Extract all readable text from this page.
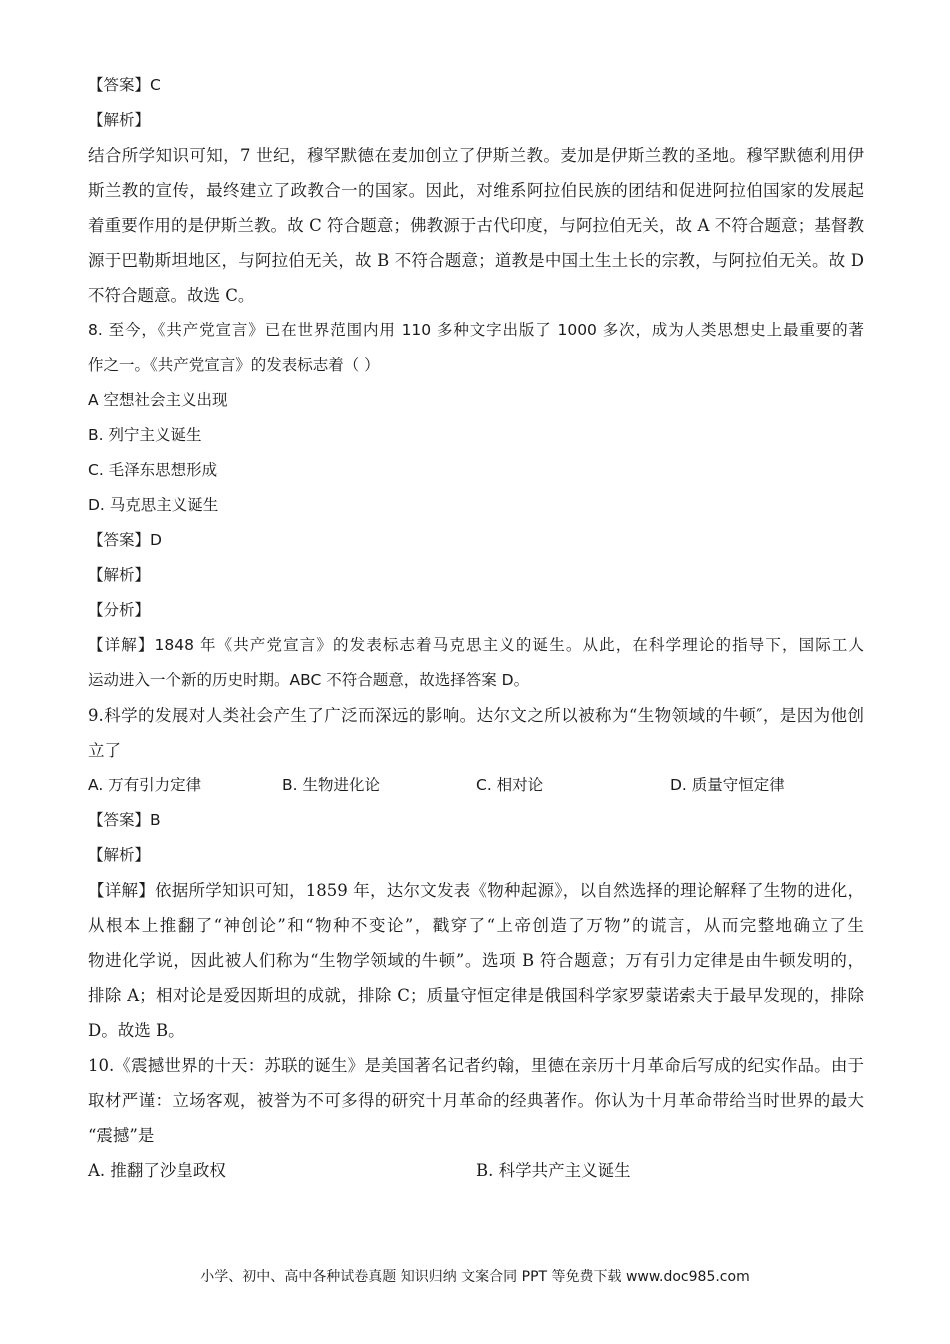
【答案】C
【解析】
结合所学知识可知，7 世纪，穆罕默德在麦加创立了伊斯兰教。麦加是伊斯兰教的圣地。穆罕默德利用伊
斯兰教的宣传，最终建立了政教合一的国家。因此，对维系阿拉伯民族的团结和促进阿拉伯国家的发展起
着重要作用的是伊斯兰教。故 C 符合题意；佛教源于古代印度，与阿拉伯无关，故 A 不符合题意；基督教
源于巴勒斯坦地区，与阿拉伯无关，故 B 不符合题意；道教是中国土生土长的宗教，与阿拉伯无关。故 D
不符合题意。故选 C。
8. 至今，《共产党宣言》已在世界范围内用 110 多种文字出版了 1000 多次，成为人类思想史上最重要的著
作之一。《共产党宣言》的发表标志着（ ）
A 空想社会主义出现
B. 列宁主义诞生
C. 毛泽东思想形成
D. 马克思主义诞生
【答案】D
【解析】
【分析】
【详解】1848 年《共产党宣言》的发表标志着马克思主义的诞生。从此，在科学理论的指导下，国际工人
运动进入一个新的历史时期。ABC 不符合题意，故选择答案 D。
9.科学的发展对人类社会产生了广泛而深远的影响。达尔文之所以被称为“生物领域的牛顿″，是因为他创
立了
A. 万有引力定律	B. 生物进化论	C. 相对论	D. 质量守恒定律
【答案】B
【解析】
【详解】依据所学知识可知，1859 年，达尔文发表《物种起源》，以自然选择的理论解释了生物的进化，
从根本上推翻了“神创论”和“物种不变论”，戳穿了“上帝创造了万物”的谎言，从而完整地确立了生
物进化学说，因此被人们称为“生物学领域的牛顿”。选项 B 符合题意；万有引力定律是由牛顿发明的，
排除 A；相对论是爱因斯坦的成就，排除 C；质量守恒定律是俄国科学家罗蒙诺索夫于最早发现的，排除
D。故选 B。
10.《震撼世界的十天：苏联的诞生》是美国著名记者约翰，里德在亲历十月革命后写成的纪实作品。由于
取材严谨：立场客观，被誉为不可多得的研究十月革命的经典著作。你认为十月革命带给当时世界的最大
“震撼”是
A. 推翻了沙皇政权	B. 科学共产主义诞生
小学、初中、高中各种试卷真题 知识归纳 文案合同 PPT 等免费下载 www.doc985.com
